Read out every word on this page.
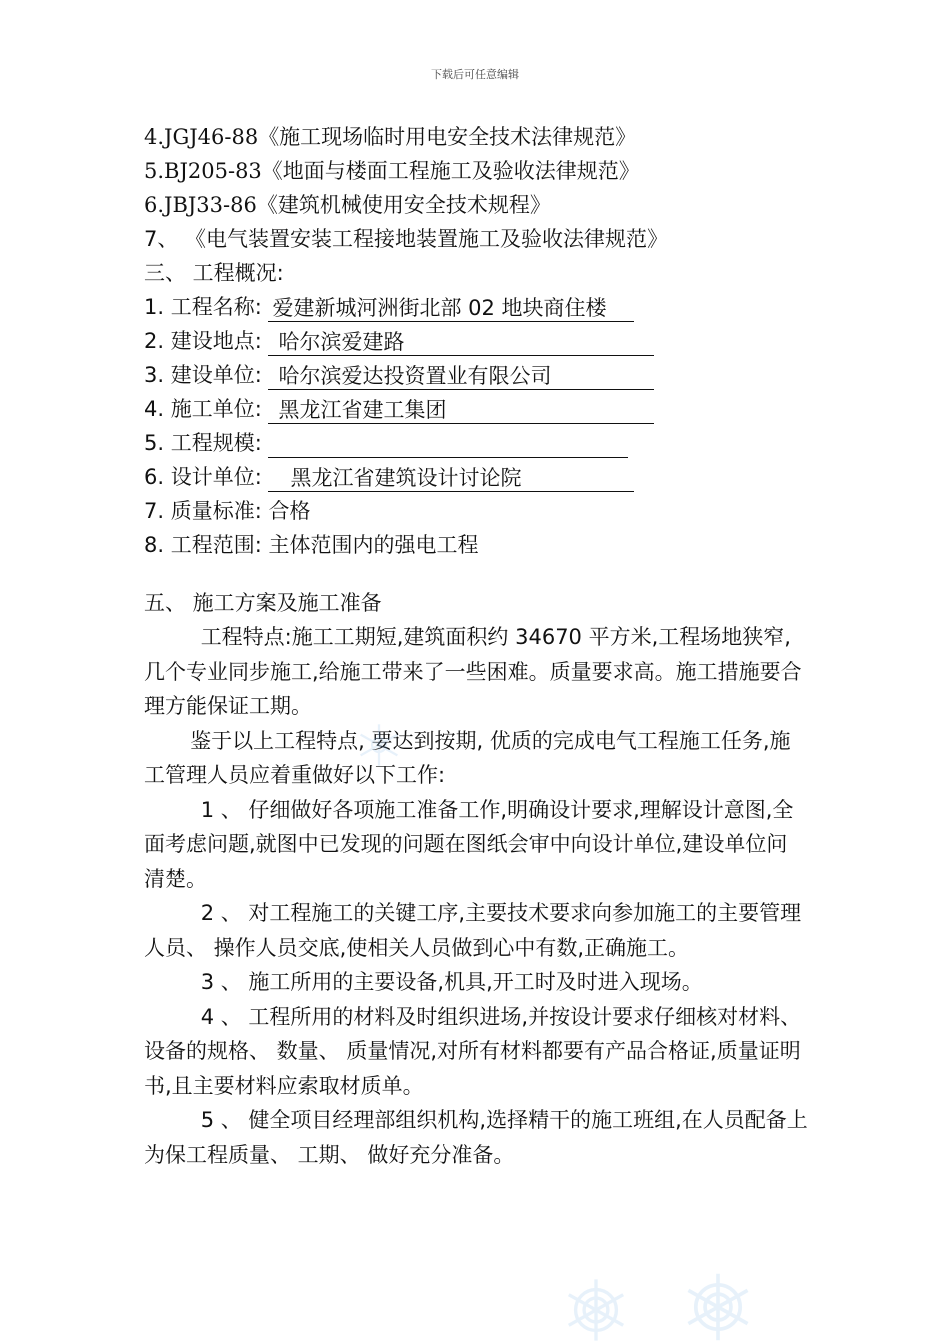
下载后可任意编辑
4.JGJ46-88《施工现场临时用电安全技术法律规范》
5.BJ205-83《地面与楼面工程施工及验收法律规范》
6.JBJ33-86《建筑机械使用安全技术规程》
7、 《电气装置安装工程接地装置施工及验收法律规范》
三、 工程概况:
1. 工程名称: 爱建新城河洲街北部 02 地块商住楼
2. 建设地点: 哈尔滨爱建路
3. 建设单位: 哈尔滨爱达投资置业有限公司
4. 施工单位: 黑龙江省建工集团
5. 工程规模:
6. 设计单位: 黑龙江省建筑设计讨论院
7. 质量标准: 合格
8. 工程范围: 主体范围内的强电工程
五、 施工方案及施工准备
工程特点:施工工期短,建筑面积约 34670 平方米,工程场地狭窄,几个专业同步施工,给施工带来了一些困难。质量要求高。施工措施要合理方能保证工期。
鉴于以上工程特点, 要达到按期, 优质的完成电气工程施工任务,施工管理人员应着重做好以下工作:
1 、 仔细做好各项施工准备工作,明确设计要求,理解设计意图,全面考虑问题,就图中已发现的问题在图纸会审中向设计单位,建设单位问清楚。
2 、 对工程施工的关键工序,主要技术要求向参加施工的主要管理人员、 操作人员交底,使相关人员做到心中有数,正确施工。
3 、 施工所用的主要设备,机具,开工时及时进入现场。
4 、 工程所用的材料及时组织进场,并按设计要求仔细核对材料、 设备的规格、 数量、 质量情况,对所有材料都要有产品合格证,质量证明书,且主要材料应索取材质单。
5 、 健全项目经理部组织机构,选择精干的施工班组,在人员配备上为保工程质量、 工期、 做好充分准备。
